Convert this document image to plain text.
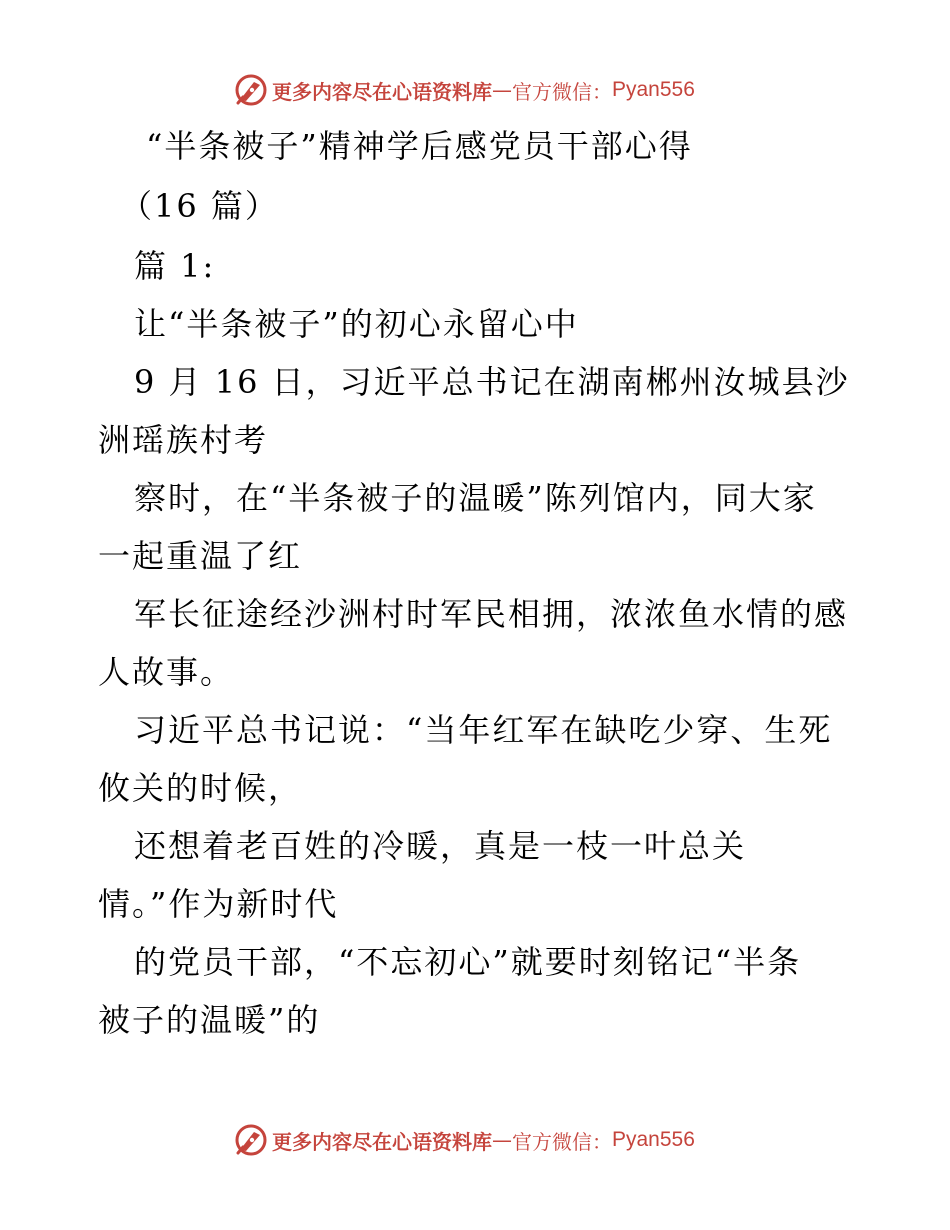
更多内容尽在心语资料库 — 官方微信： Pyan556
“半条被子”精神学后感党员干部心得
（16 篇）
篇 1:
让“半条被子”的初心永留心中
9 月 16 日，习近平总书记在湖南郴州汝城县沙
洲瑶族村考
察时，在“半条被子的温暖”陈列馆内，同大家
一起重温了红
军长征途经沙洲村时军民相拥，浓浓鱼水情的感
人故事。
习近平总书记说：“当年红军在缺吃少穿、生死
攸关的时候，
还想着老百姓的冷暖，真是一枝一叶总关
情。”作为新时代
的党员干部，“不忘初心”就要时刻铭记“半条
被子的温暖”的
更多内容尽在心语资料库 — 官方微信： Pyan556
